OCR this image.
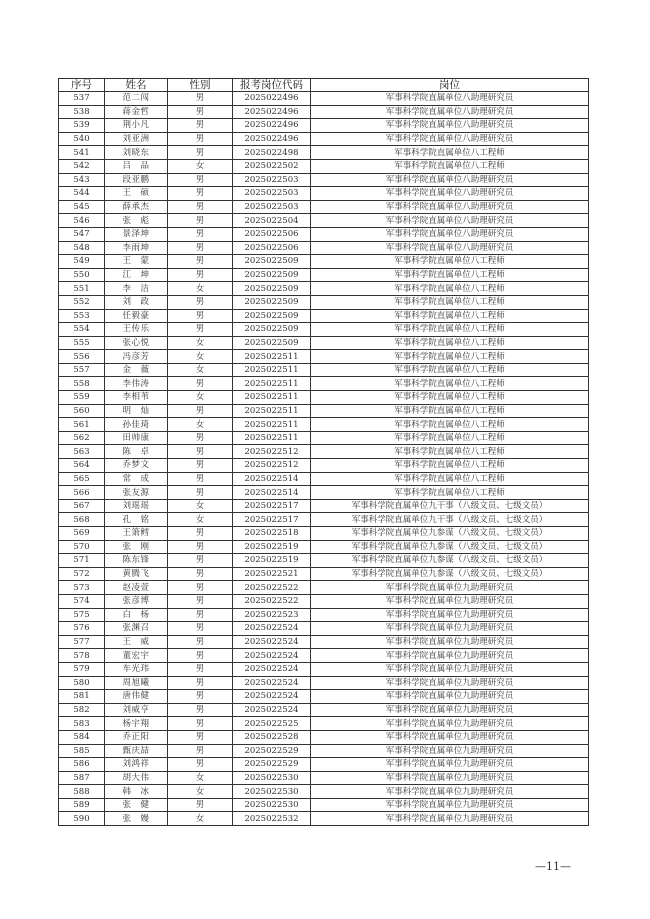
序号	姓名	性别	报考岗位代码	岗位
537	范二闯	男	2025022496	军事科学院直属单位八助理研究员
538	蒋金哲	男	2025022496	军事科学院直属单位八助理研究员
539	荆小凡	男	2025022496	军事科学院直属单位八助理研究员
540	刘亚洲	男	2025022496	军事科学院直属单位八助理研究员
541	刘晓东	男	2025022498	军事科学院直属单位八工程师
542	吕　品	女	2025022502	军事科学院直属单位八工程师
543	段亚鹏	男	2025022503	军事科学院直属单位八助理研究员
544	王　硕	男	2025022503	军事科学院直属单位八助理研究员
545	薛承杰	男	2025022503	军事科学院直属单位八助理研究员
546	张　彪	男	2025022504	军事科学院直属单位八助理研究员
547	景泽坤	男	2025022506	军事科学院直属单位八助理研究员
548	李雨坤	男	2025022506	军事科学院直属单位八助理研究员
549	王　蒙	男	2025022509	军事科学院直属单位八工程师
550	江　坤	男	2025022509	军事科学院直属单位八工程师
551	李　洁	女	2025022509	军事科学院直属单位八工程师
552	刘　政	男	2025022509	军事科学院直属单位八工程师
553	任毅豪	男	2025022509	军事科学院直属单位八工程师
554	王传乐	男	2025022509	军事科学院直属单位八工程师
555	张心悦	女	2025022509	军事科学院直属单位八工程师
556	冯彦芳	女	2025022511	军事科学院直属单位八工程师
557	金　薇	女	2025022511	军事科学院直属单位八工程师
558	李伟涛	男	2025022511	军事科学院直属单位八工程师
559	李相苇	女	2025022511	军事科学院直属单位八工程师
560	明　灿	男	2025022511	军事科学院直属单位八工程师
561	孙佳琦	女	2025022511	军事科学院直属单位八工程师
562	田帅康	男	2025022511	军事科学院直属单位八工程师
563	陈　卓	男	2025022512	军事科学院直属单位八工程师
564	乔梦文	男	2025022512	军事科学院直属单位八工程师
565	常　成	男	2025022514	军事科学院直属单位八工程师
566	张友源	男	2025022514	军事科学院直属单位八工程师
567	刘瑶瑶	女	2025022517	军事科学院直属单位九干事（八级文员、七级文员）
568	孔　铭	女	2025022517	军事科学院直属单位九干事（八级文员、七级文员）
569	王箫鳕	男	2025022518	军事科学院直属单位九参谋（八级文员、七级文员）
570	张　刚	男	2025022519	军事科学院直属单位九参谋（八级文员、七级文员）
571	陈东锋	男	2025022519	军事科学院直属单位九参谋（八级文员、七级文员）
572	黄腾飞	男	2025022521	军事科学院直属单位九参谋（八级文员、七级文员）
573	赵凌萱	男	2025022522	军事科学院直属单位九助理研究员
574	张彦博	男	2025022522	军事科学院直属单位九助理研究员
575	白　杨	男	2025022523	军事科学院直属单位九助理研究员
576	张渊召	男	2025022524	军事科学院直属单位九助理研究员
577	王　威	男	2025022524	军事科学院直属单位九助理研究员
578	董宏宇	男	2025022524	军事科学院直属单位九助理研究员
579	车光玮	男	2025022524	军事科学院直属单位九助理研究员
580	周旭曦	男	2025022524	军事科学院直属单位九助理研究员
581	唐伟健	男	2025022524	军事科学院直属单位九助理研究员
582	刘威亨	男	2025022524	军事科学院直属单位九助理研究员
583	杨宇翔	男	2025022525	军事科学院直属单位九助理研究员
584	乔正阳	男	2025022528	军事科学院直属单位九助理研究员
585	甄庆喆	男	2025022529	军事科学院直属单位九助理研究员
586	刘鸿祥	男	2025022529	军事科学院直属单位九助理研究员
587	胡大伟	女	2025022530	军事科学院直属单位九助理研究员
588	韩　冰	女	2025022530	军事科学院直属单位九助理研究员
589	张　健	男	2025022530	军事科学院直属单位九助理研究员
590	张　嫚	女	2025022532	军事科学院直属单位九助理研究员
—11—
